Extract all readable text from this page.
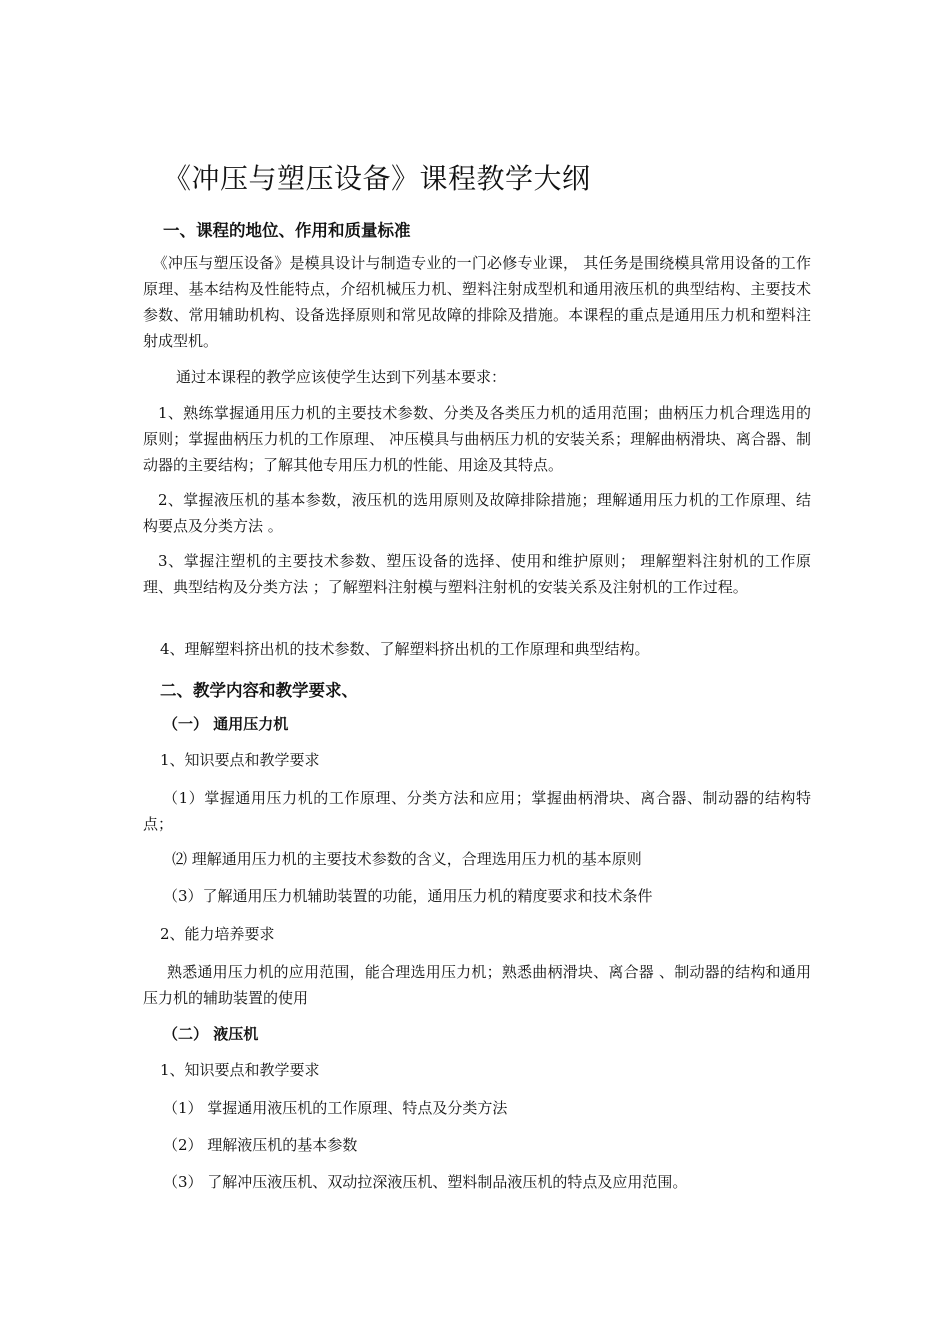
《冲压与塑压设备》课程教学大纲
一、课程的地位、作用和质量标准
　《冲压与塑压设备》是模具设计与制造专业的一门必修专业课， 其任务是围绕模具常用设备的工作原理、基本结构及性能特点，介绍机械压力机、塑料注射成型机和通用液压机的典型结构、主要技术参数、常用辅助机构、设备选择原则和常见故障的排除及措施。本课程的重点是通用压力机和塑料注射成型机。
通过本课程的教学应该使学生达到下列基本要求：
1、熟练掌握通用压力机的主要技术参数、分类及各类压力机的适用范围；曲柄压力机合理选用的原则；掌握曲柄压力机的工作原理、 冲压模具与曲柄压力机的安装关系；理解曲柄滑块、离合器、制动器的主要结构；了解其他专用压力机的性能、用途及其特点。
2、掌握液压机的基本参数，液压机的选用原则及故障排除措施；理解通用压力机的工作原理、结构要点及分类方法 。
3、掌握注塑机的主要技术参数、塑压设备的选择、使用和维护原则； 理解塑料注射机的工作原理、典型结构及分类方法 ；了解塑料注射模与塑料注射机的安装关系及注射机的工作过程。
4、理解塑料挤出机的技术参数、了解塑料挤出机的工作原理和典型结构。
二、教学内容和教学要求、
（一） 通用压力机
1、知识要点和教学要求
（1）掌握通用压力机的工作原理、分类方法和应用；掌握曲柄滑块、离合器、制动器的结构特点；
⑵ 理解通用压力机的主要技术参数的含义，合理选用压力机的基本原则
（3）了解通用压力机辅助装置的功能，通用压力机的精度要求和技术条件
2、能力培养要求
熟悉通用压力机的应用范围，能合理选用压力机；熟悉曲柄滑块、离合器 、制动器的结构和通用压力机的辅助装置的使用
（二） 液压机
1、知识要点和教学要求
（1） 掌握通用液压机的工作原理、特点及分类方法
（2） 理解液压机的基本参数
（3） 了解冲压液压机、双动拉深液压机、塑料制品液压机的特点及应用范围。
